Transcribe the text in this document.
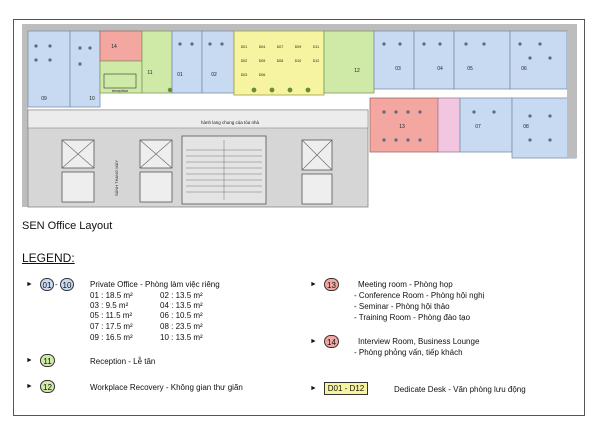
14
11
09	10
01	02
03	04	05	06
07	08
12
13
D01
D02
D03
D04
D05
D06
D07
D08
D09
D10
D11
D12
reception
hành lang chung của tòa nhà
SẢNH THANG MÁY
SEN Office Layout
LEGEND:
►	01 - 10	Private Office - Phòng làm việc riêng
01 : 18.5 m²	02 : 13.5 m²
03 : 9.5 m²	04 : 13.5 m²
05 : 11.5 m²	06 : 10.5 m²
07 : 17.5 m²	08 : 23.5 m²
09 : 16.5 m²	10 : 13.5 m²
►	11	Reception - Lễ tân
►	12	Workplace Recovery - Không gian thư giãn
►	13	Meeting room - Phòng họp
- Conference Room - Phòng hội nghị
- Seminar - Phòng hội thảo
- Training Room - Phòng đào tạo
►	14	Interview Room, Business Lounge
- Phòng phỏng vấn, tiếp khách
►	D01 - D12	Dedicate Desk - Văn phòng lưu động
